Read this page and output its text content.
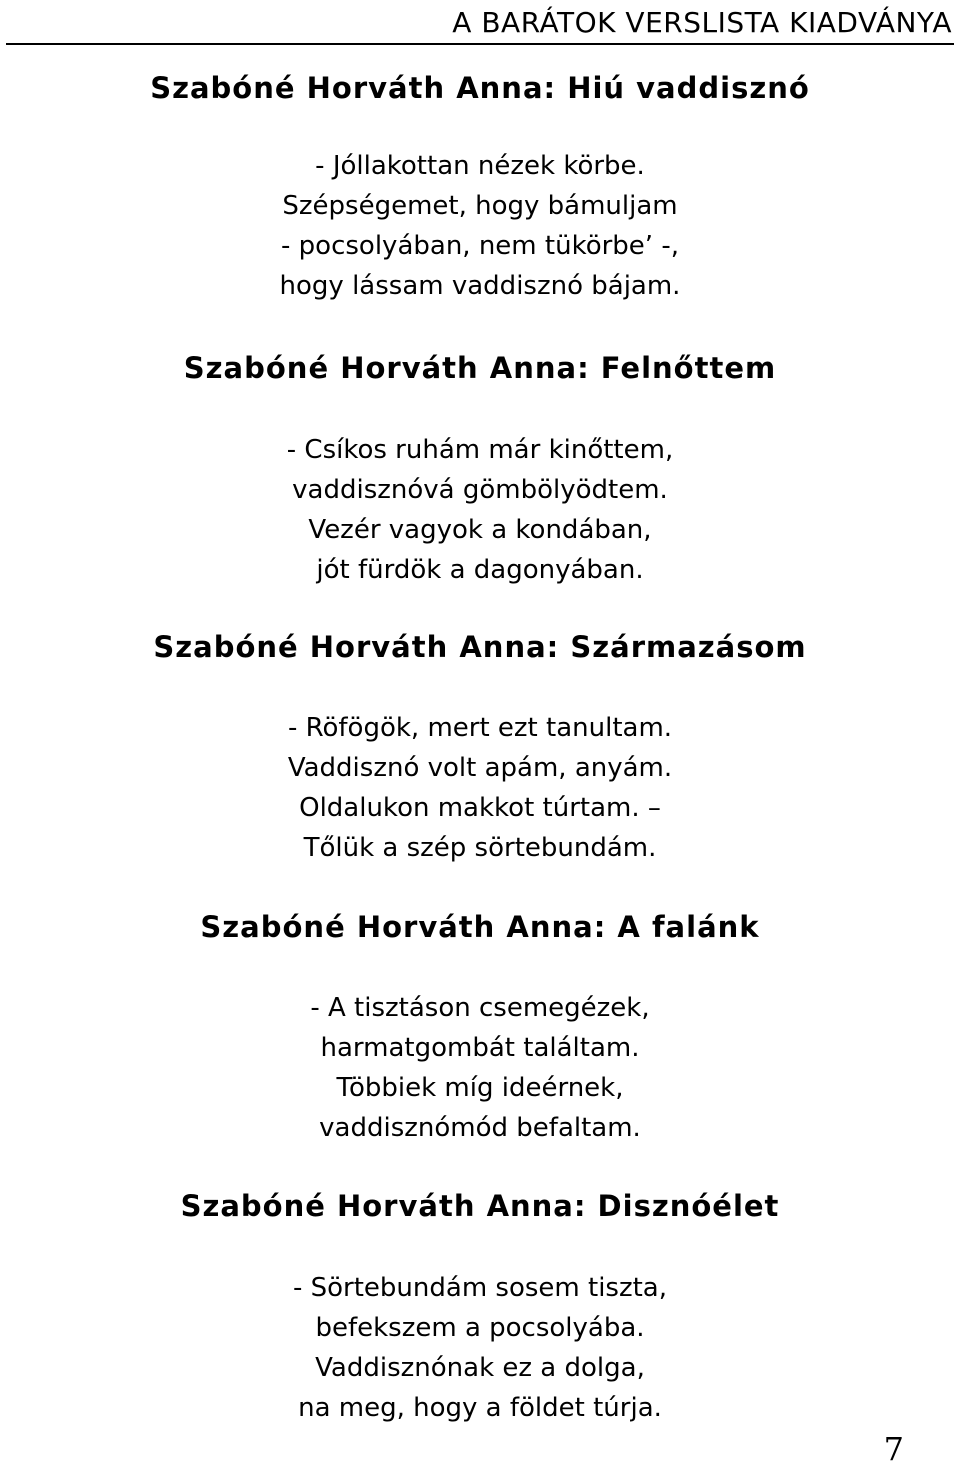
A BARÁTOK VERSLISTA KIADVÁNYA
Szabóné Horváth Anna: Hiú vaddisznó
- Jóllakottan nézek körbe.
Szépségemet, hogy bámuljam
- pocsolyában, nem tükörbe’ -,
hogy lássam vaddisznó bájam.
Szabóné Horváth Anna: Felnőttem
- Csíkos ruhám már kinőttem,
vaddisznóvá gömbölyödtem.
Vezér vagyok a kondában,
jót fürdök a dagonyában.
Szabóné Horváth Anna: Származásom
- Röfögök, mert ezt tanultam.
Vaddisznó volt apám, anyám.
Oldalukon makkot túrtam. –
Tőlük a szép sörtebundám.
Szabóné Horváth Anna: A falánk
- A tisztáson csemegézek,
harmatgombát találtam.
Többiek míg ideérnek,
vaddisznómód befaltam.
Szabóné Horváth Anna: Disznóélet
- Sörtebundám sosem tiszta,
befekszem a pocsolyába.
Vaddisznónak ez a dolga,
na meg, hogy a földet túrja.
7
